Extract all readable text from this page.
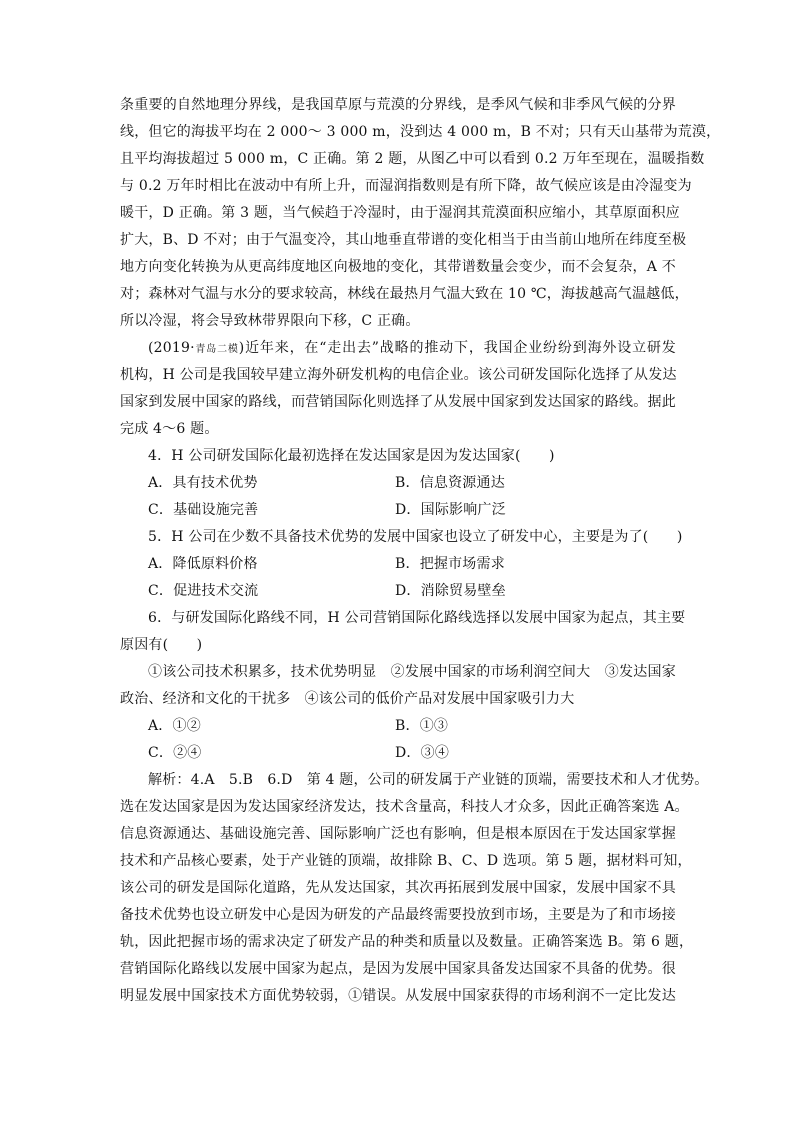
条重要的自然地理分界线，是我国草原与荒漠的分界线，是季风气候和非季风气候的分界
线，但它的海拔平均在 2 000～ 3 000 m，没到达 4 000 m，B 不对；只有天山基带为荒漠，
且平均海拔超过 5 000 m，C 正确。第 2 题，从图乙中可以看到 0.2 万年至现在，温暖指数
与 0.2 万年时相比在波动中有所上升，而湿润指数则是有所下降，故气候应该是由冷湿变为
暖干，D 正确。第 3 题，当气候趋于冷湿时，由于湿润其荒漠面积应缩小，其草原面积应
扩大，B、D 不对；由于气温变冷，其山地垂直带谱的变化相当于由当前山地所在纬度至极
地方向变化转换为从更高纬度地区向极地的变化，其带谱数量会变少，而不会复杂，A 不
对；森林对气温与水分的要求较高，林线在最热月气温大致在 10 ℃，海拔越高气温越低，
所以冷湿，将会导致林带界限向下移，C 正确。
(2019·青岛二模)近年来，在“走出去”战略的推动下，我国企业纷纷到海外设立研发
机构，H 公司是我国较早建立海外研发机构的电信企业。该公司研发国际化选择了从发达
国家到发展中国家的路线，而营销国际化则选择了从发展中国家到发达国家的路线。据此
完成 4～6 题。
4．H 公司研发国际化最初选择在发达国家是因为发达国家(　　)
A．具有技术优势	B．信息资源通达
C．基础设施完善	D．国际影响广泛
5．H 公司在少数不具备技术优势的发展中国家也设立了研发中心，主要是为了(　　)
A．降低原料价格	B．把握市场需求
C．促进技术交流	D．消除贸易壁垒
6．与研发国际化路线不同，H 公司营销国际化路线选择以发展中国家为起点，其主要
原因有(　　)
①该公司技术积累多，技术优势明显　②发展中国家的市场利润空间大　③发达国家
政治、经济和文化的干扰多　④该公司的低价产品对发展中国家吸引力大
A．①②	B．①③
C．②④	D．③④
解析：4.A　5.B　6.D　第 4 题，公司的研发属于产业链的顶端，需要技术和人才优势。
选在发达国家是因为发达国家经济发达，技术含量高，科技人才众多，因此正确答案选 A。
信息资源通达、基础设施完善、国际影响广泛也有影响，但是根本原因在于发达国家掌握
技术和产品核心要素，处于产业链的顶端，故排除 B、C、D 选项。第 5 题，据材料可知，
该公司的研发是国际化道路，先从发达国家，其次再拓展到发展中国家，发展中国家不具
备技术优势也设立研发中心是因为研发的产品最终需要投放到市场，主要是为了和市场接
轨，因此把握市场的需求决定了研发产品的种类和质量以及数量。正确答案选 B。第 6 题，
营销国际化路线以发展中国家为起点，是因为发展中国家具备发达国家不具备的优势。很
明显发展中国家技术方面优势较弱，①错误。从发展中国家获得的市场利润不一定比发达
